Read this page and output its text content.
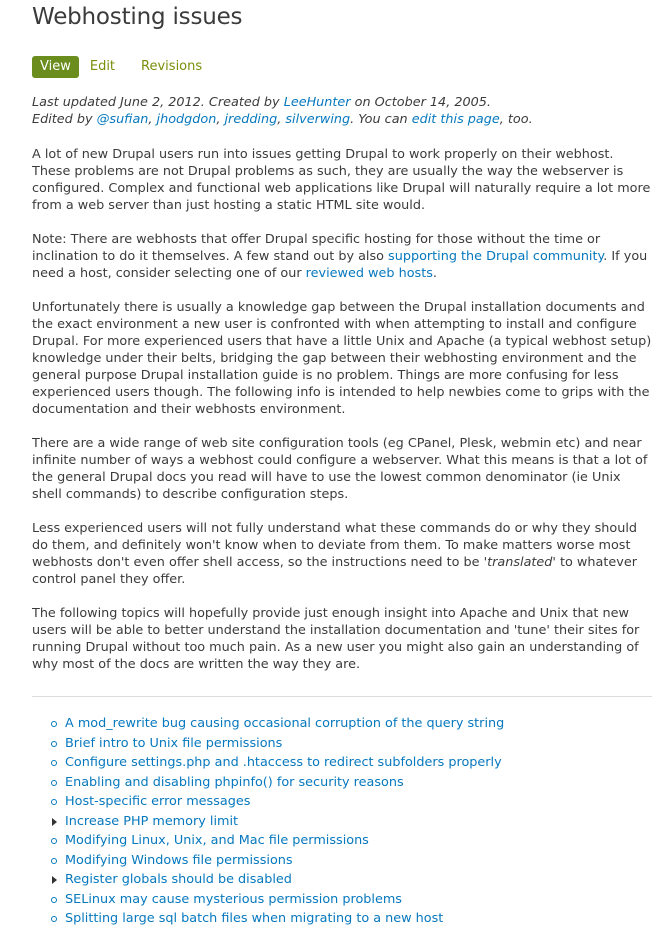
Webhosting issues
View	Edit Revisions
Last updated June 2, 2012. Created by LeeHunter on October 14, 2005.
Edited by @sufian, jhodgdon, jredding, silverwing. You can edit this page, too.

A lot of new Drupal users run into issues getting Drupal to work properly on their webhost. These problems are not Drupal problems as such, they are usually the way the webserver is configured. Complex and functional web applications like Drupal will naturally require a lot more from a web server than just hosting a static HTML site would.

Note: There are webhosts that offer Drupal specific hosting for those without the time or inclination to do it themselves. A few stand out by also supporting the Drupal community. If you need a host, consider selecting one of our reviewed web hosts.

Unfortunately there is usually a knowledge gap between the Drupal installation documents and the exact environment a new user is confronted with when attempting to install and configure Drupal. For more experienced users that have a little Unix and Apache (a typical webhost setup) knowledge under their belts, bridging the gap between their webhosting environment and the general purpose Drupal installation guide is no problem. Things are more confusing for less experienced users though. The following info is intended to help newbies come to grips with the documentation and their webhosts environment.

There are a wide range of web site configuration tools (eg CPanel, Plesk, webmin etc) and near infinite number of ways a webhost could configure a webserver. What this means is that a lot of the general Drupal docs you read will have to use the lowest common denominator (ie Unix shell commands) to describe configuration steps.

Less experienced users will not fully understand what these commands do or why they should do them, and definitely won't know when to deviate from them. To make matters worse most webhosts don't even offer shell access, so the instructions need to be 'translated' to whatever control panel they offer.

The following topics will hopefully provide just enough insight into Apache and Unix that new users will be able to better understand the installation documentation and 'tune' their sites for running Drupal without too much pain. As a new user you might also gain an understanding of why most of the docs are written the way they are.

A mod_rewrite bug causing occasional corruption of the query string
Brief intro to Unix file permissions
Configure settings.php and .htaccess to redirect subfolders properly
Enabling and disabling phpinfo() for security reasons
Host-specific error messages
Increase PHP memory limit
Modifying Linux, Unix, and Mac file permissions
Modifying Windows file permissions
Register globals should be disabled
SELinux may cause mysterious permission problems
Splitting large sql batch files when migrating to a new host
